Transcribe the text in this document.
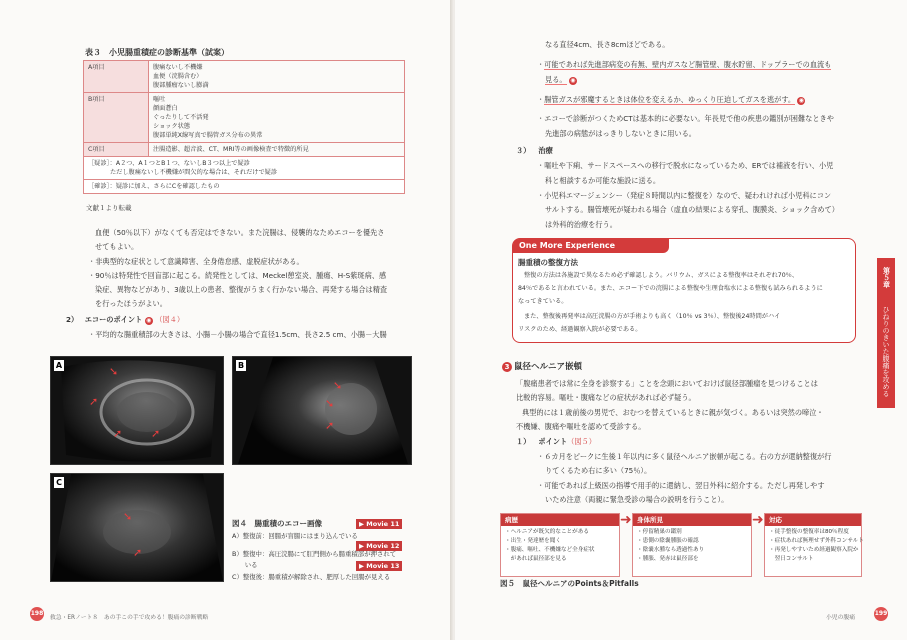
表３　小児腸重積症の診断基準（試案）
A項目	腹痛ないし不機嫌
血便（浣腸含む）
腹部腫瘤ないし膨満

B項目	嘔吐
顔面蒼白
ぐったりして不活発
ショック状態
腹部単純X線写真で腸管ガス分布の異常

C項目	注腸造影、超音波、CT、MRI等の画像検査で特徴的所見

［疑診］：A２つ、A１つとB１つ、ないしB３つ以上で疑診
ただし腹痛ないし不機嫌が間欠的な場合は、それだけで疑診	

［確診］：疑診に加え、さらにCを確認したもの	
文献１より転載
血便（50％以下）がなくても否定はできない。また浣腸は、侵襲的なためエコーを優先さ
せてもよい。
・非典型的な症状として意識障害、全身倦怠感、虚脱症状がある。
・90％は特発性で回盲部に起こる。続発性としては、Meckel憩室炎、腫瘍、H-S紫斑病、感
染症、異物などがあり、3歳以上の患者、整復がうまく行かない場合、再発する場合は精査
を行ったほうがよい。
2） エコーのポイント ◉ （図４）
・平均的な腸重積部の大きさは、小腸－小腸の場合で直径1.5cm、長さ2.5 cm、小腸－大腸
A	➘
➚
➚	➚
B
➘
➘
➚
C
➘
➚
図４　腸重積のエコー画像	▶ Movie 11
A）整復前：回腸が盲腸にはまり込んでいる
▶ Movie 12
B）整復中：高圧浣腸にて肛門側から腸重積部が押されて
　　いる	▶ Movie 13
C）整復後：腸重積が解除され、肥厚した回腸が見える
198
救急・ERノート８　あの手この手で攻める！腹痛の診断戦略
なる直径4cm、長さ8cmほどである。
・可能であれば先進部病変の有無、壁内ガスなど腸管壁、腹水貯留、ドップラーでの血流も
見る。 ◉
・腸管ガスが邪魔するときは体位を変えるか、ゆっくり圧迫してガスを逃がす。 ◉
・エコーで診断がつくためCTは基本的に必要ない。年長児で他の疾患の鑑別が困難なときや
先進部の病態がはっきりしないときに用いる。
３） 治療
・嘔吐や下痢、サードスペースへの移行で脱水になっているため、ERでは補液を行い、小児
科と相談するか可能な施設に送る。
・小児科エマージェンシー（発症８時間以内に整復を）なので、疑われければ小児科にコン
サルトする。腸管壊死が疑われる場合（虚血の結果による穿孔、腹膜炎、ショック含めて）
は外科的治療を行う。
One More Experience
腸重積の整復方法
整復の方法は各施設で異なるため必ず確認しよう。バリウム、ガスによる整復率はそれぞれ70％、
84％であると言われている。また、エコー下での浣腸による整復や生理食塩水による整復も試みられるように
なってきている。
また、整復後再発率は高圧浣腸の方が手術よりも高く（10％ vs 3％）、整復後24時間がハイ
リスクのため、経過観察入院が必要である。
3 鼠径ヘルニア嵌頓
「腹痛患者では常に全身を診察する」ことを念頭においておけば鼠径部腫瘤を見つけることは
比較的容易。嘔吐・腹痛などの症状があれば必ず疑う。
典型的には１歳前後の男児で、おむつを替えているときに親が気づく。あるいは突然の啼泣・
不機嫌、腹痛や嘔吐を認めて受診する。
１） ポイント（図５）
・６カ月をピークに生後１年以内に多く鼠径ヘルニア嵌頓が起こる。右の方が還納整復が行
りてくるため右に多い（75％）。
・可能であれば上級医の指導で用手的に還納し、翌日外科に紹介する。ただし再発しやす
いため注意（両親に緊急受診の場合の説明を行うこと）。
病歴
・ヘルニアが既欠的なことがある
・出生・発達歴を聞く
・腹痛、嘔吐、不機嫌など全身症状
　があれば鼠径部を見る
➜ 身体所見
・停留精巣の鑑別
・患側の陰嚢腫脹の確認
・陰嚢水腫なら透過性あり
・腫脹、発赤は鼠径部を
➜ 対応
・徒手整復の整復率は80％程度
・症状あれば無理せず外科コンサルト
・再発しやすいため経過観察入院か
　翌日コンサルト
図５　鼠径ヘルニアのPoints＆Pitfalls
第５章
ひねりのきいた腹痛を攻める
小児の腹痛
199
